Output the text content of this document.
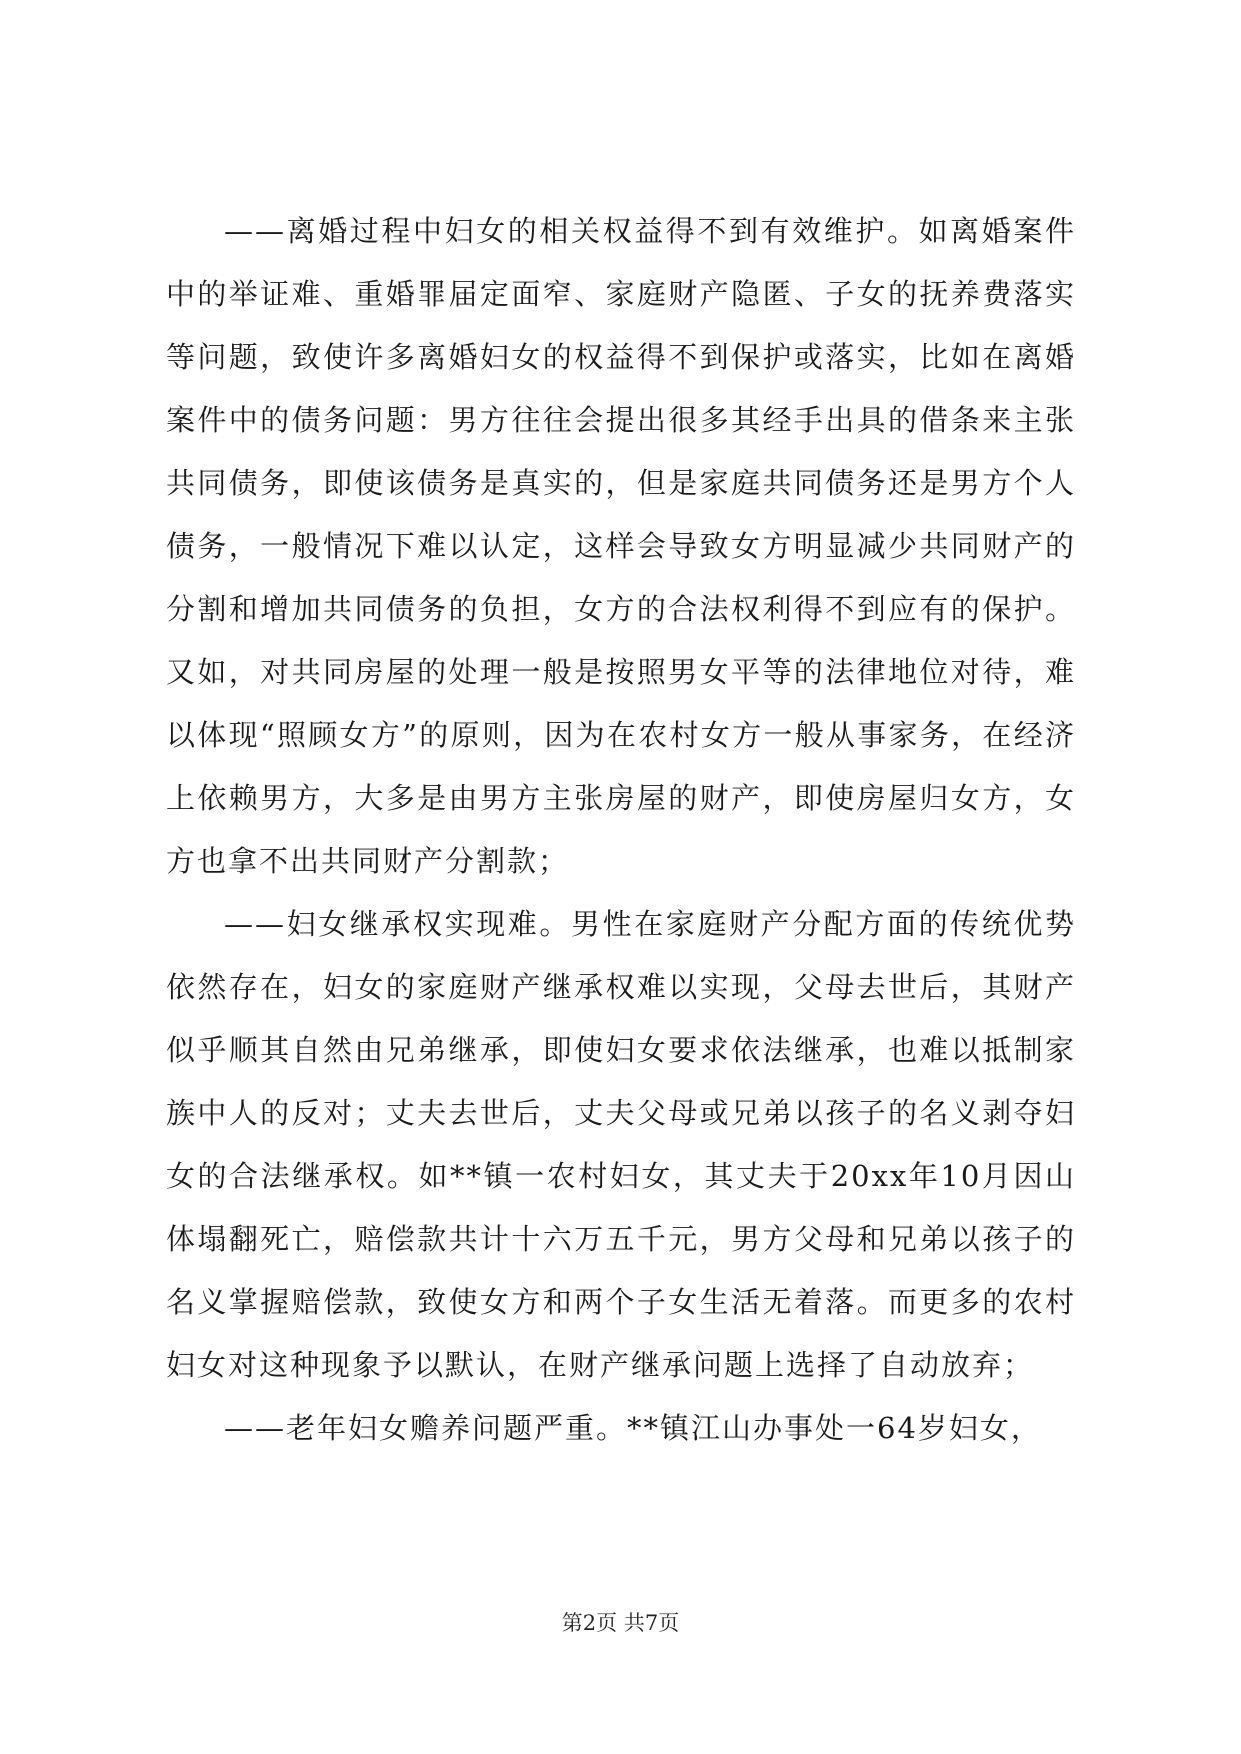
——离婚过程中妇女的相关权益得不到有效维护。如离婚案件中的举证难、重婚罪届定面窄、家庭财产隐匿、子女的抚养费落实等问题，致使许多离婚妇女的权益得不到保护或落实，比如在离婚案件中的债务问题：男方往往会提出很多其经手出具的借条来主张共同债务，即使该债务是真实的，但是家庭共同债务还是男方个人债务，一般情况下难以认定，这样会导致女方明显减少共同财产的分割和增加共同债务的负担，女方的合法权利得不到应有的保护。又如，对共同房屋的处理一般是按照男女平等的法律地位对待，难以体现“照顾女方”的原则，因为在农村女方一般从事家务，在经济上依赖男方，大多是由男方主张房屋的财产，即使房屋归女方，女方也拿不出共同财产分割款；

——妇女继承权实现难。男性在家庭财产分配方面的传统优势依然存在，妇女的家庭财产继承权难以实现，父母去世后，其财产似乎顺其自然由兄弟继承，即使妇女要求依法继承，也难以抵制家族中人的反对；丈夫去世后，丈夫父母或兄弟以孩子的名义剥夺妇女的合法继承权。如**镇一农村妇女，其丈夫于20xx年10月因山体塌翻死亡，赔偿款共计十六万五千元，男方父母和兄弟以孩子的名义掌握赔偿款，致使女方和两个子女生活无着落。而更多的农村妇女对这种现象予以默认，在财产继承问题上选择了自动放弃；

——老年妇女赡养问题严重。**镇江山办事处一64岁妇女，

第2页 共7页
